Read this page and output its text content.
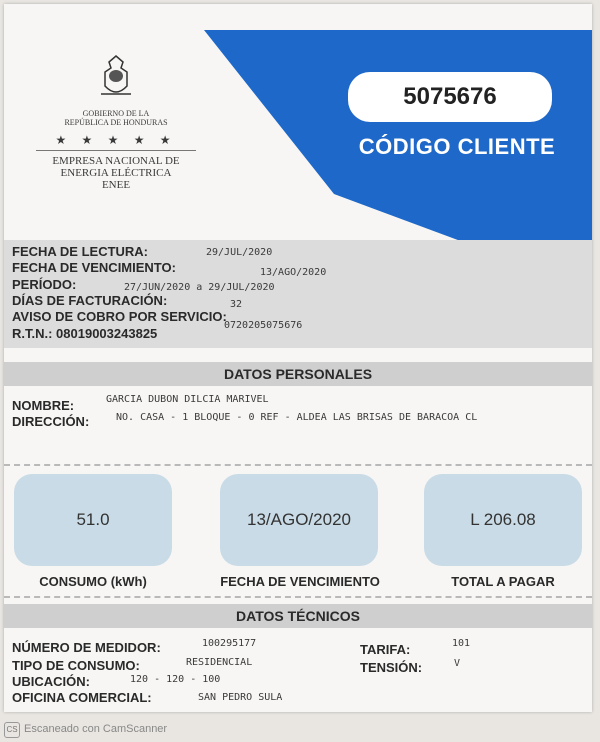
GOBIERNO DE LA
REPÚBLICA DE HONDURAS
★ ★ ★ ★ ★
EMPRESA NACIONAL DE
ENERGIA ELÉCTRICA
ENEE
5075676
CÓDIGO CLIENTE
FECHA DE LECTURA:	29/JUL/2020
FECHA DE VENCIMIENTO:	13/AGO/2020
PERÍODO:	27/JUN/2020 a 29/JUL/2020
DÍAS DE FACTURACIÓN:	32
AVISO DE COBRO POR SERVICIO:
0720205075676
R.T.N.: 08019003243825
DATOS PERSONALES
NOMBRE:	GARCIA DUBON DILCIA MARIVEL
DIRECCIÓN:	NO. CASA - 1 BLOQUE - 0 REF - ALDEA LAS BRISAS DE BARACOA CL
51.0	13/AGO/2020	L 206.08
CONSUMO (kWh)	FECHA DE VENCIMIENTO	TOTAL A PAGAR
DATOS TÉCNICOS
NÚMERO DE MEDIDOR:	100295177
TIPO DE CONSUMO:	RESIDENCIAL
UBICACIÓN:	120 - 120 - 100
OFICINA COMERCIAL:	SAN PEDRO SULA
TARIFA:	101
TENSIÓN:	V
CS Escaneado con CamScanner
